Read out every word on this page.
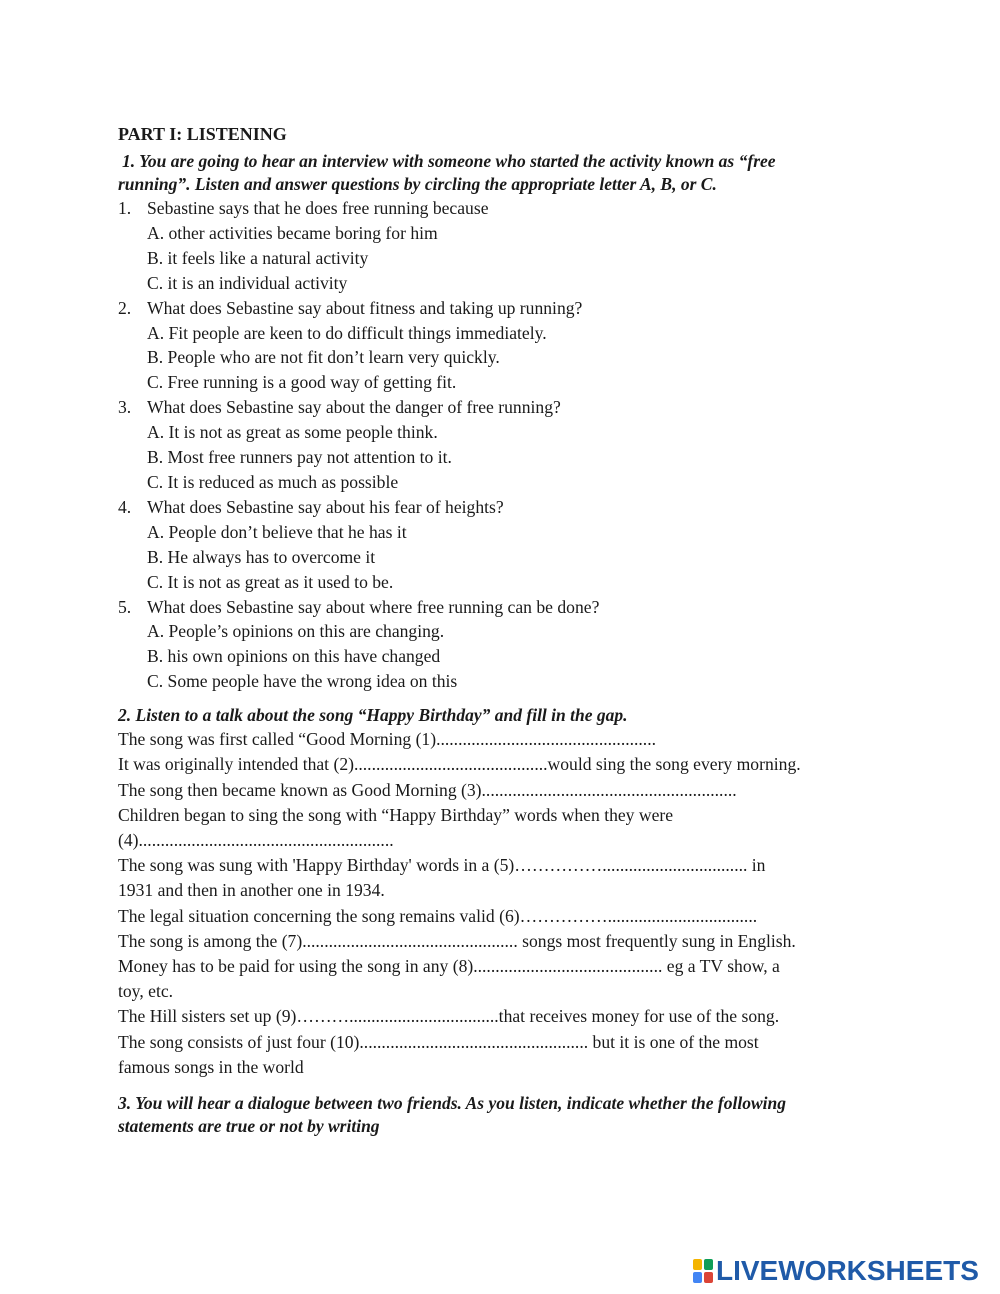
PART I: LISTENING
1. You are going to hear an interview with someone who started the activity known as “free
running”. Listen and answer questions by circling the appropriate letter A, B, or C.
1. Sebastine says that he does free running because
A. other activities became boring for him
B. it feels like a natural activity
C. it is an individual activity
2. What does Sebastine say about fitness and taking up running?
A. Fit people are keen to do difficult things immediately.
B. People who are not fit don’t learn very quickly.
C. Free running is a good way of getting fit.
3. What does Sebastine say about the danger of free running?
A. It is not as great as some people think.
B. Most free runners pay not attention to it.
C. It is reduced as much as possible
4. What does Sebastine say about his fear of heights?
A. People don’t believe that he has it
B. He always has to overcome it
C. It is not as great as it used to be.
5. What does Sebastine say about where free running can be done?
A. People’s opinions on this are changing.
B. his own opinions on this have changed
C. Some people have the wrong idea on this
2. Listen to a talk about the song “Happy Birthday” and fill in the gap.
The song was first called “Good Morning (1)..................................................
It was originally intended that (2)............................................would sing the song every morning.
The song then became known as Good Morning (3)..........................................................
Children began to sing the song with “Happy Birthday” words when they were
(4)..........................................................
The song was sung with 'Happy Birthday' words in a (5)……………................................. in
1931 and then in another one in 1934.
The legal situation concerning the song remains valid (6)……………..................................
The song is among the (7)................................................. songs most frequently sung in English.
Money has to be paid for using the song in any (8)........................................... eg a TV show, a
toy, etc.
The Hill sisters set up (9)………..................................that receives money for use of the song.
The song consists of just four (10).................................................... but it is one of the most
famous songs in the world
3. You will hear a dialogue between two friends. As you listen, indicate whether the following
statements are true or not by writing
LIVEWORKSHEETS
